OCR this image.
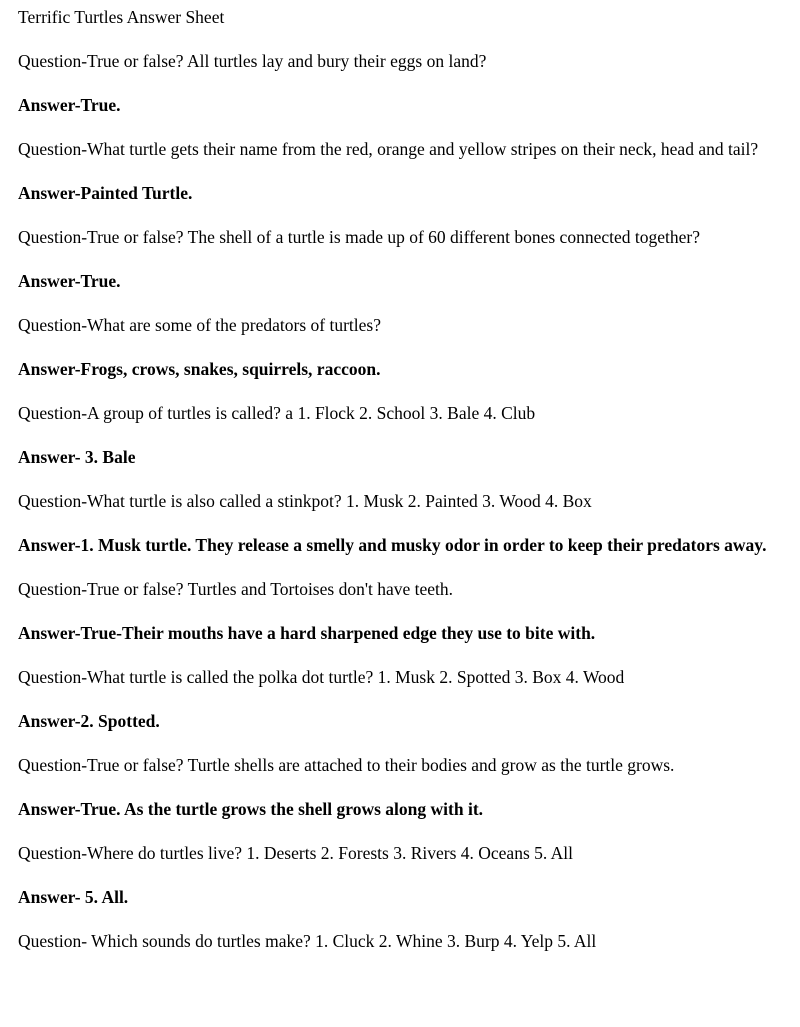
Terrific Turtles Answer Sheet
Question-True or false? All turtles lay and bury their eggs on land?
Answer-True.
Question-What turtle gets their name from the red, orange and yellow stripes on their neck, head and tail?
Answer-Painted Turtle.
Question-True or false? The shell of a turtle is made up of 60 different bones connected together?
Answer-True.
Question-What are some of the predators of turtles?
Answer-Frogs, crows, snakes, squirrels, raccoon.
Question-A group of turtles is called? a 1. Flock 2. School 3. Bale 4. Club
Answer- 3. Bale
Question-What turtle is also called a stinkpot? 1. Musk 2. Painted 3. Wood 4. Box
Answer-1. Musk turtle. They release a smelly and musky odor in order to keep their predators away.
Question-True or false? Turtles and Tortoises don't have teeth.
Answer-True-Their mouths have a hard sharpened edge they use to bite with.
Question-What turtle is called the polka dot turtle? 1. Musk 2. Spotted 3. Box 4. Wood
Answer-2. Spotted.
Question-True or false? Turtle shells are attached to their bodies and grow as the turtle grows.
Answer-True. As the turtle grows the shell grows along with it.
Question-Where do turtles live? 1. Deserts 2. Forests 3. Rivers 4. Oceans 5. All
Answer- 5. All.
Question- Which sounds do turtles make? 1. Cluck 2. Whine 3. Burp 4. Yelp 5. All
